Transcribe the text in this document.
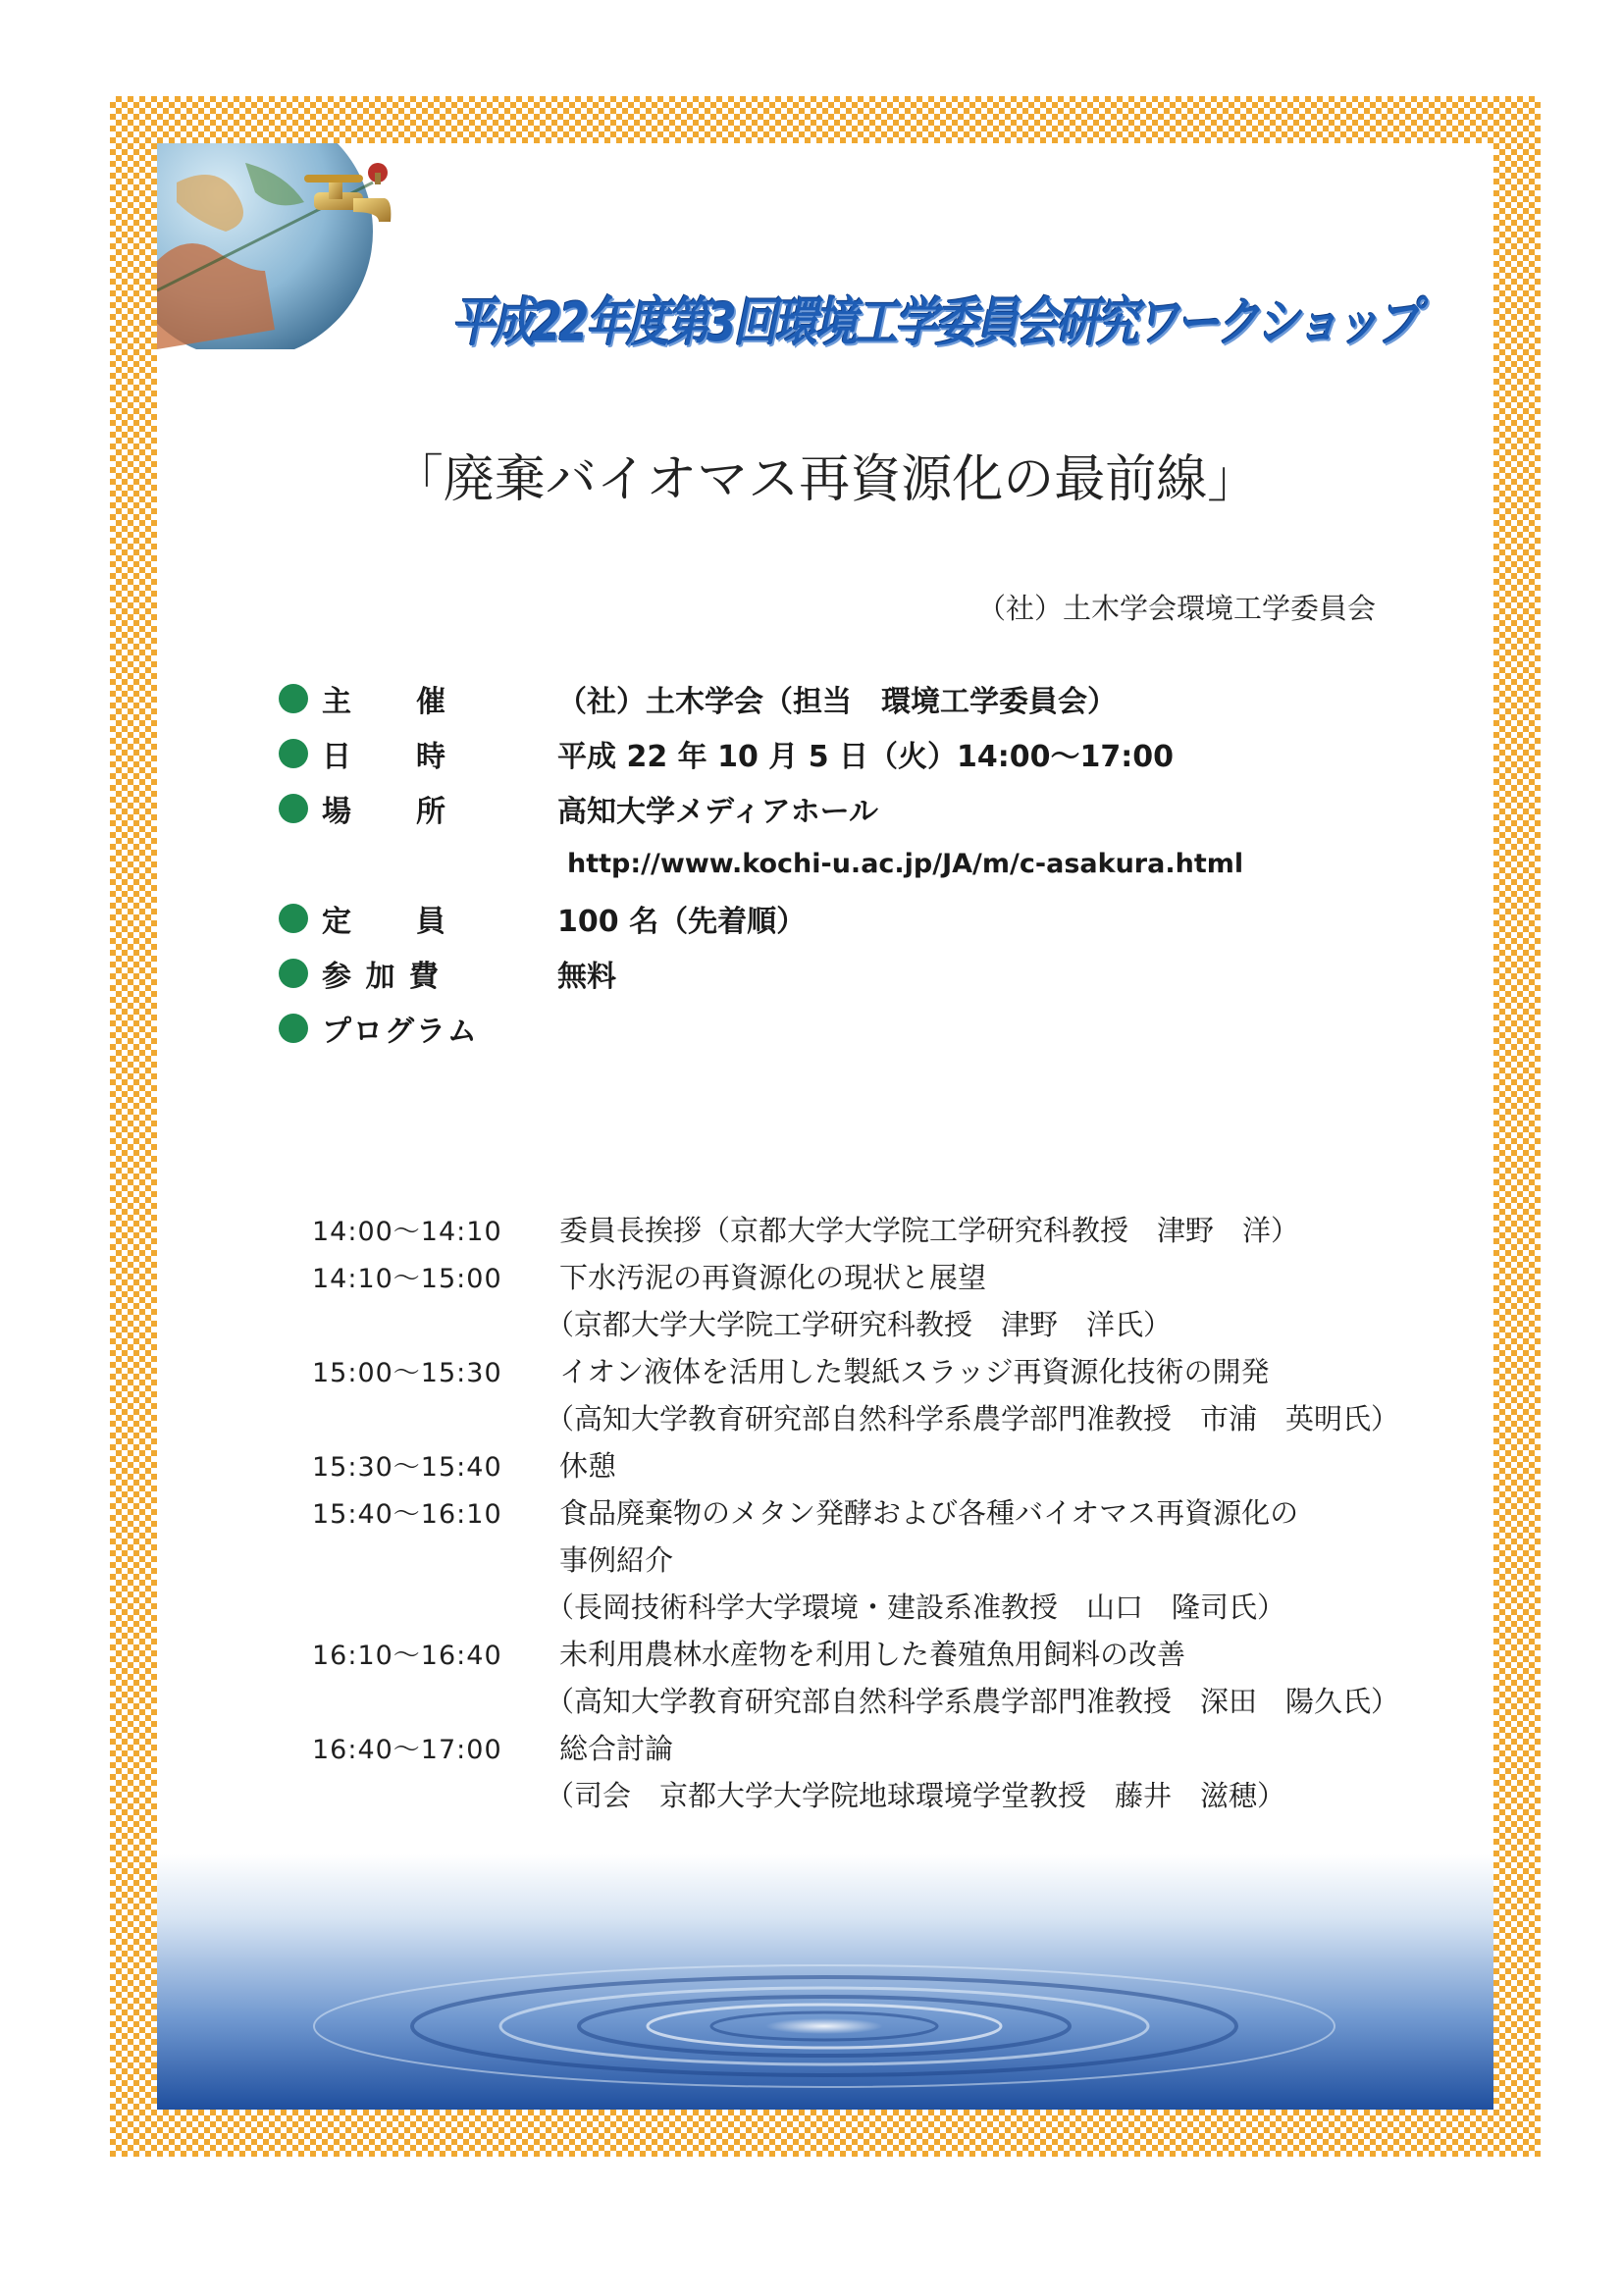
平成22年度第3回環境工学委員会研究ワークショップ
「廃棄バイオマス再資源化の最前線」
（社）土木学会環境工学委員会
主　　催	（社）土木学会（担当　環境工学委員会）
日　　時	平成 22 年 10 月 5 日（火）14:00～17:00
場　　所	高知大学メディアホール
http://www.kochi-u.ac.jp/JA/m/c-asakura.html
定　　員	100 名（先着順）
参 加 費	無料
プログラム
14:00～14:10	委員長挨拶（京都大学大学院工学研究科教授　津野　洋）
14:10～15:00	下水汚泥の再資源化の現状と展望
（京都大学大学院工学研究科教授　津野　洋氏）
15:00～15:30	イオン液体を活用した製紙スラッジ再資源化技術の開発
（高知大学教育研究部自然科学系農学部門准教授　市浦　英明氏）
15:30～15:40	休憩
15:40～16:10	食品廃棄物のメタン発酵および各種バイオマス再資源化の
事例紹介
（長岡技術科学大学環境・建設系准教授　山口　隆司氏）
16:10～16:40	未利用農林水産物を利用した養殖魚用飼料の改善
（高知大学教育研究部自然科学系農学部門准教授　深田　陽久氏）
16:40～17:00	総合討論
（司会　京都大学大学院地球環境学堂教授　藤井　滋穂）
